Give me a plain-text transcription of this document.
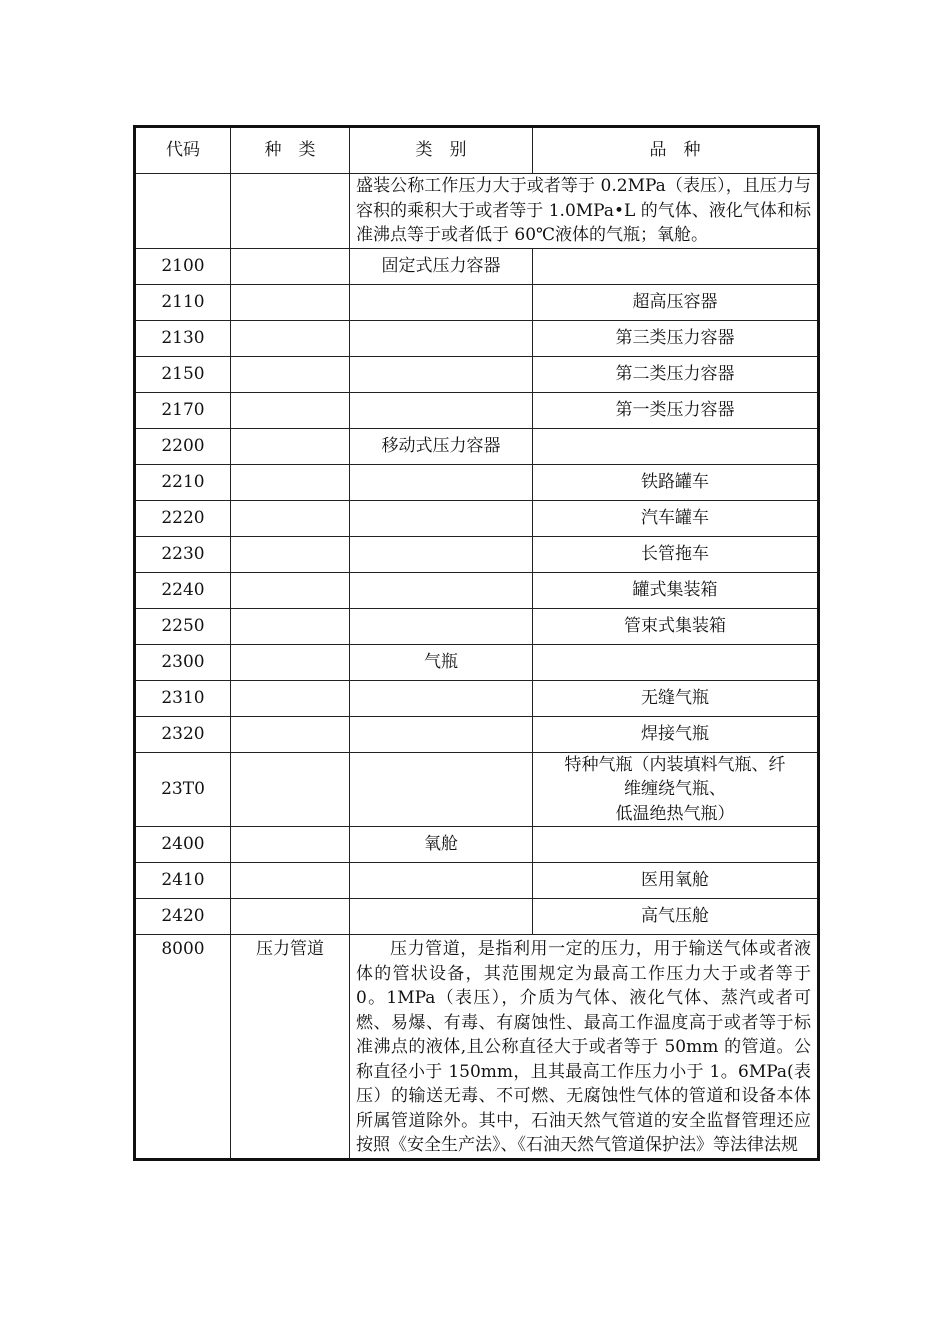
代码	种　类	类　别	品　种
		盛装公称工作压力大于或者等于 0.2MPa（表压），且压力与容积的乘积大于或者等于 1.0MPa•L 的气体、液化气体和标准沸点等于或者低于 60℃液体的气瓶；氧舱。	
2100		固定式压力容器	
2110			超高压容器
2130			第三类压力容器
2150			第二类压力容器
2170			第一类压力容器
2200		移动式压力容器	
2210			铁路罐车
2220			汽车罐车
2230			长管拖车
2240			罐式集装箱
2250			管束式集装箱
2300		气瓶	
2310			无缝气瓶
2320			焊接气瓶
23T0			特种气瓶（内装填料气瓶、纤
维缠绕气瓶、
低温绝热气瓶）

2400		氧舱	
2410			医用氧舱
2420			高气压舱
8000	压力管道	压力管道，是指利用一定的压力，用于输送气体或者液体的管状设备，其范围规定为最高工作压力大于或者等于 0。1MPa（表压），介质为气体、液化气体、蒸汽或者可燃、易爆、有毒、有腐蚀性、最高工作温度高于或者等于标准沸点的液体,且公称直径大于或者等于 50mm 的管道。公称直径小于 150mm，且其最高工作压力小于 1。6MPa(表压）的输送无毒、不可燃、无腐蚀性气体的管道和设备本体所属管道除外。其中，石油天然气管道的安全监督管理还应按照《安全生产法》、《石油天然气管道保护法》等法律法规	
